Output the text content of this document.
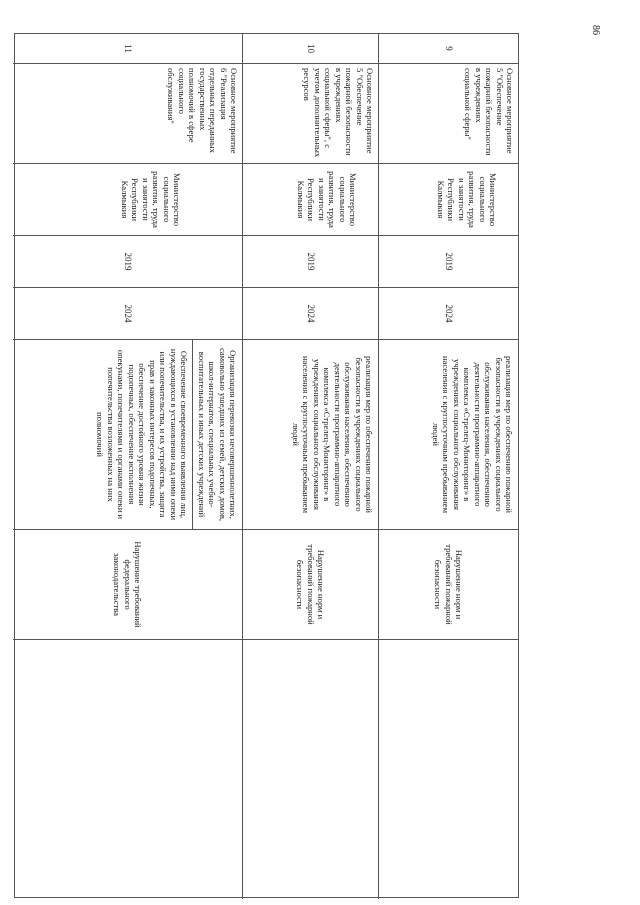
86
9
Основное мероприятие 5 "Обеспечение пожарной безопасности в учреждениях социальной сферы"
Министерство социального развития, труда и занятости Республики Калмыкия
2019
2024
реализация мер по обеспечению пожарной безопасности в учреждениях социального обслуживания населения, обеспечению деятельности программно-аппаратного комплекса «Стрелец-Мониторинг» в учреждениях социального обслуживания населения с круглосуточным пребыванием людей
Нарушение норм и требований пожарной безопасности
10
Основное мероприятие 5 "Обеспечение пожарной безопасности в учреждениях социальной сферы", с учетом дополнительных ресурсов
Министерство социального развития, труда и занятости Республики Калмыкия
2019
2024
реализация мер по обеспечению пожарной безопасности в учреждениях социального обслуживания населения, обеспечению деятельности программно-аппаратного комплекса «Стрелец-Мониторинг» в учреждениях социального обслуживания населения с круглосуточным пребыванием людей
Нарушение норм и требований пожарной безопасности
11
Основное мероприятие 6 "Реализация отдельных переданных государственных полномочий в сфере социального обслуживания"
Министерство социального развития, труда и занятости Республики Калмыкия
2019
2024
Организация перевозки несовершеннолетних, самовольно ушедших из семей, детских домов, школ-интернатов, специальных учебно-воспитательных и иных детских учреждений
Обеспечение своевременного выявления лиц, нуждающихся в установлении над ними опеки или попечительства, и их устройства, защита прав и законных интересов подопечных, обеспечение достойного уровня жизни подопечных, обеспечение исполнения опекунами, попечителями и органами опеки и попечительства возложенных на них полномочий
Нарушение требований федерального законодательства
